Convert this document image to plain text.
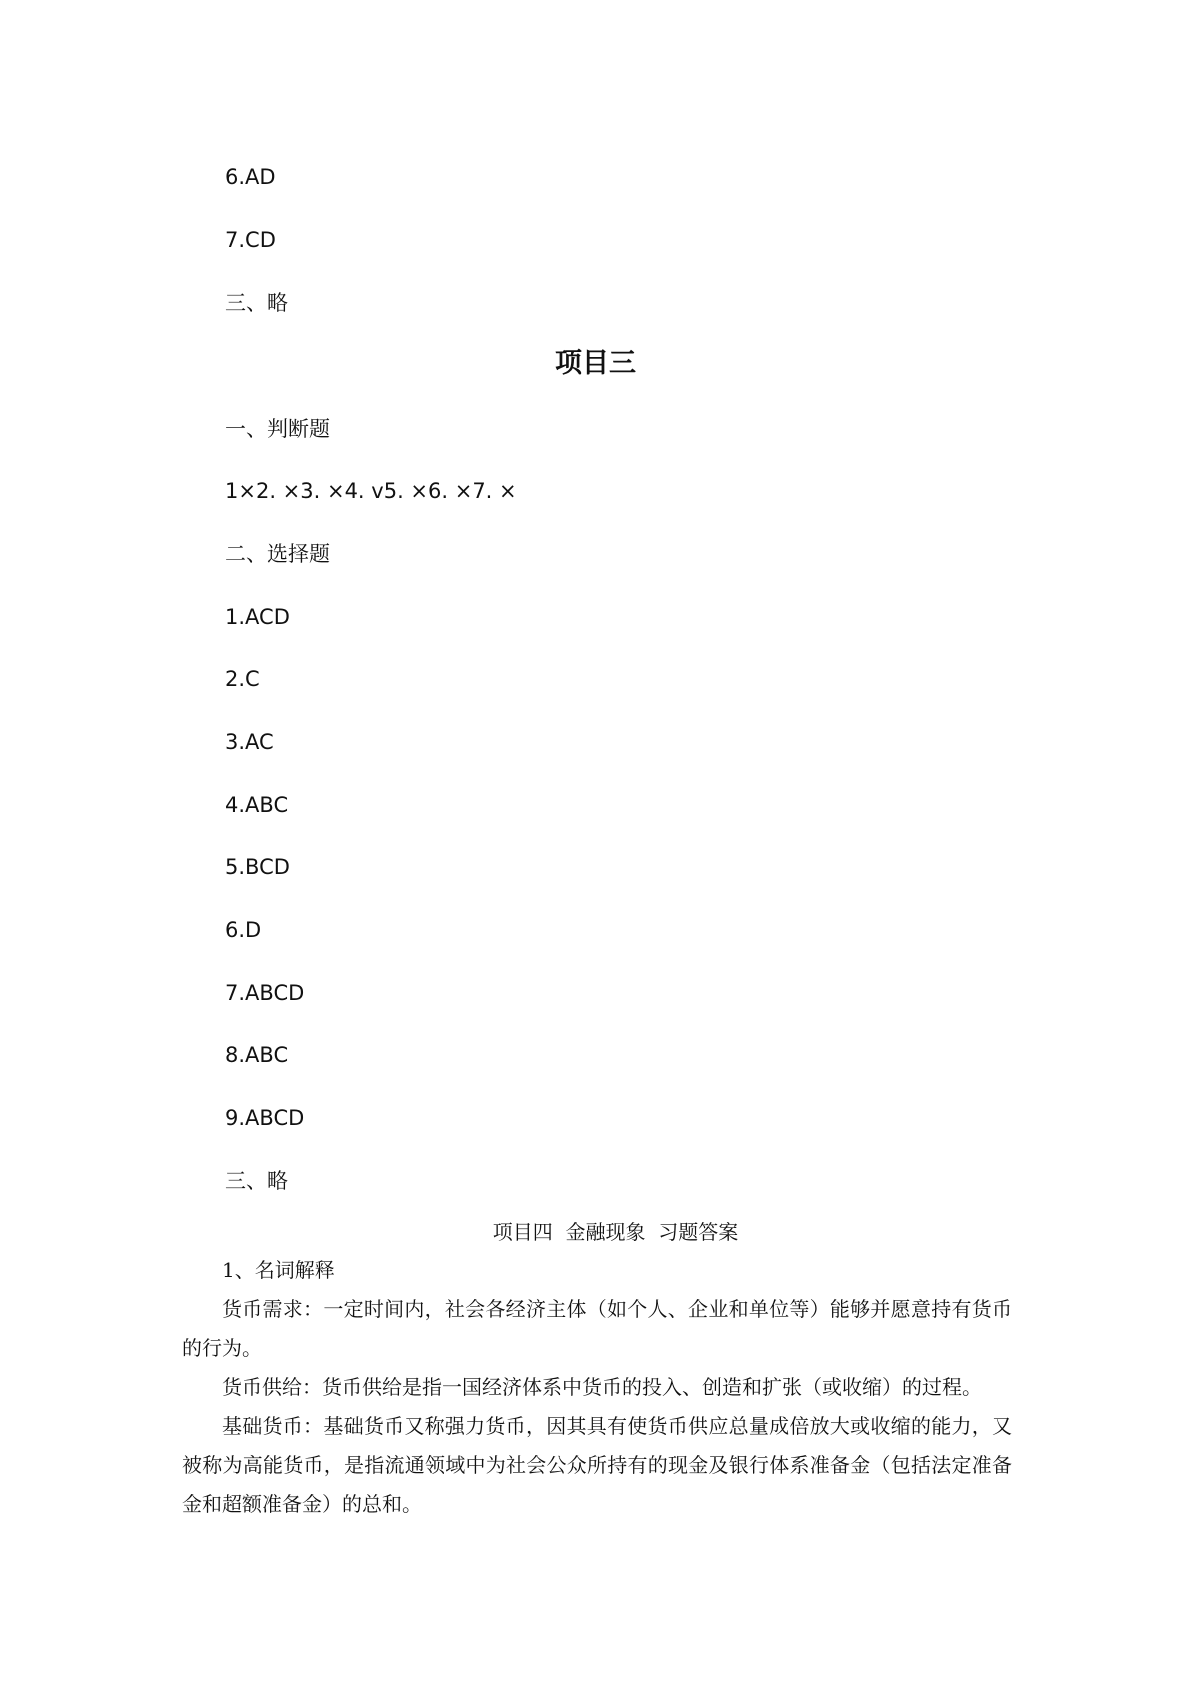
6.AD
7.CD
三、略
项目三
一、判断题
1×2. ×3. ×4. v5. ×6. ×7. ×
二、选择题
1.ACD
2.C
3.AC
4.ABC
5.BCD
6.D
7.ABCD
8.ABC
9.ABCD
三、略
项目四  金融现象  习题答案

1、名词解释

货币需求：一定时间内，社会各经济主体（如个人、企业和单位等）能够并愿意持有货币的行为。

货币供给：货币供给是指一国经济体系中货币的投入、创造和扩张（或收缩）的过程。

基础货币：基础货币又称强力货币，因其具有使货币供应总量成倍放大或收缩的能力，又被称为高能货币，是指流通领域中为社会公众所持有的现金及银行体系准备金（包括法定准备金和超额准备金）的总和。
